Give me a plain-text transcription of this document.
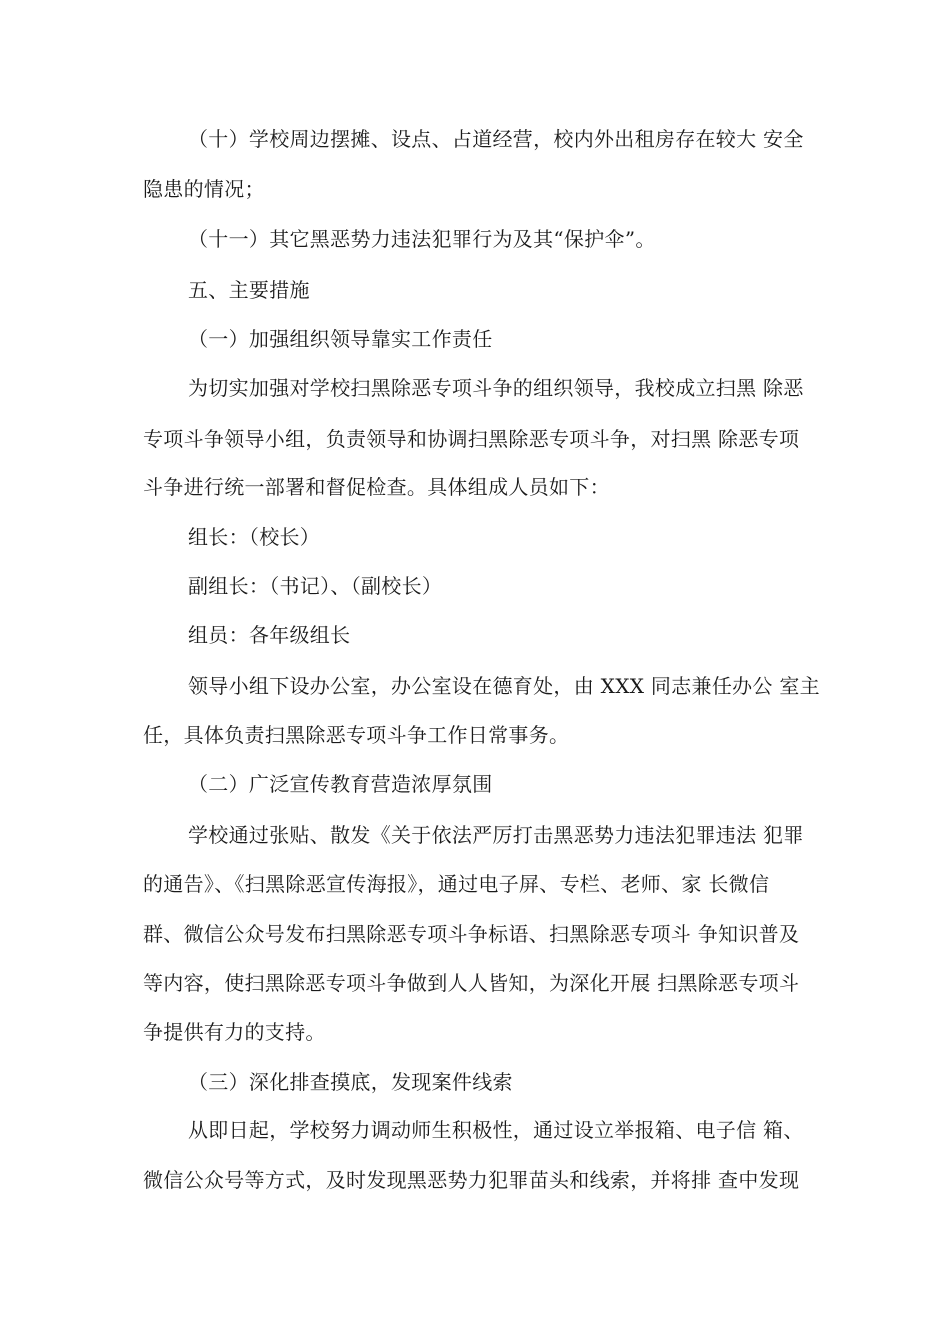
（十）学校周边摆摊、设点、占道经营，校内外出租房存在较大 安全
隐患的情况；
（十一）其它黑恶势力违法犯罪行为及其“保护伞”。
五、主要措施
（一）加强组织领导靠实工作责任
为切实加强对学校扫黑除恶专项斗争的组织领导，我校成立扫黑 除恶
专项斗争领导小组，负责领导和协调扫黑除恶专项斗争，对扫黑 除恶专项
斗争进行统一部署和督促检查。具体组成人员如下：
组长：（校长）
副组长：（书记）、（副校长）
组员：各年级组长
领导小组下设办公室，办公室设在德育处，由 XXX 同志兼任办公 室主
任，具体负责扫黑除恶专项斗争工作日常事务。
（二）广泛宣传教育营造浓厚氛围
学校通过张贴、散发《关于依法严厉打击黑恶势力违法犯罪违法 犯罪
的通告》、《扫黑除恶宣传海报》，通过电子屏、专栏、老师、家 长微信
群、微信公众号发布扫黑除恶专项斗争标语、扫黑除恶专项斗 争知识普及
等内容，使扫黑除恶专项斗争做到人人皆知，为深化开展 扫黑除恶专项斗
争提供有力的支持。
（三）深化排查摸底，发现案件线索
从即日起，学校努力调动师生积极性，通过设立举报箱、电子信 箱、
微信公众号等方式，及时发现黑恶势力犯罪苗头和线索，并将排 查中发现
